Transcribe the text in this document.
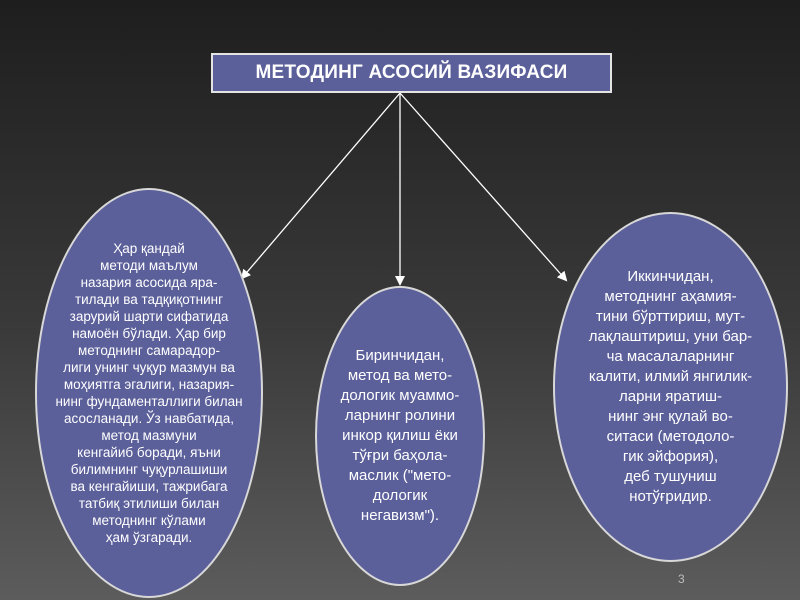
МЕТОДИНГ АСОСИЙ ВАЗИФАСИ
Ҳар қандай
методи маълум
назария асосида яра-
тилади ва тадқиқотнинг
зарурий шарти сифатида
намоён бўлади. Ҳар бир
методнинг самарадор-
лиги унинг чуқур мазмун ва
моҳиятга эгалиги, назария-
нинг фундаменталлиги билан
асосланади. Ўз навбатида,
метод мазмуни
кенгайиб боради, яъни
билимнинг чуқурлашиши
ва кенгайиши, тажрибага
татбиқ этилиши билан
методнинг кўлами
ҳам ўзгаради.
Биринчидан,
метод ва мето-
дологик муаммо-
ларнинг ролини
инкор қилиш ёки
тўғри баҳола-
маслик ("мето-
дологик
негавизм").
Иккинчидан,
методнинг аҳамия-
тини бўрттириш, мут-
лақлаштириш, уни бар-
ча масалаларнинг
калити, илмий янгилик-
ларни яратиш-
нинг энг қулай во-
ситаси (методоло-
гик эйфория),
деб тушуниш
нотўғридир.
3
